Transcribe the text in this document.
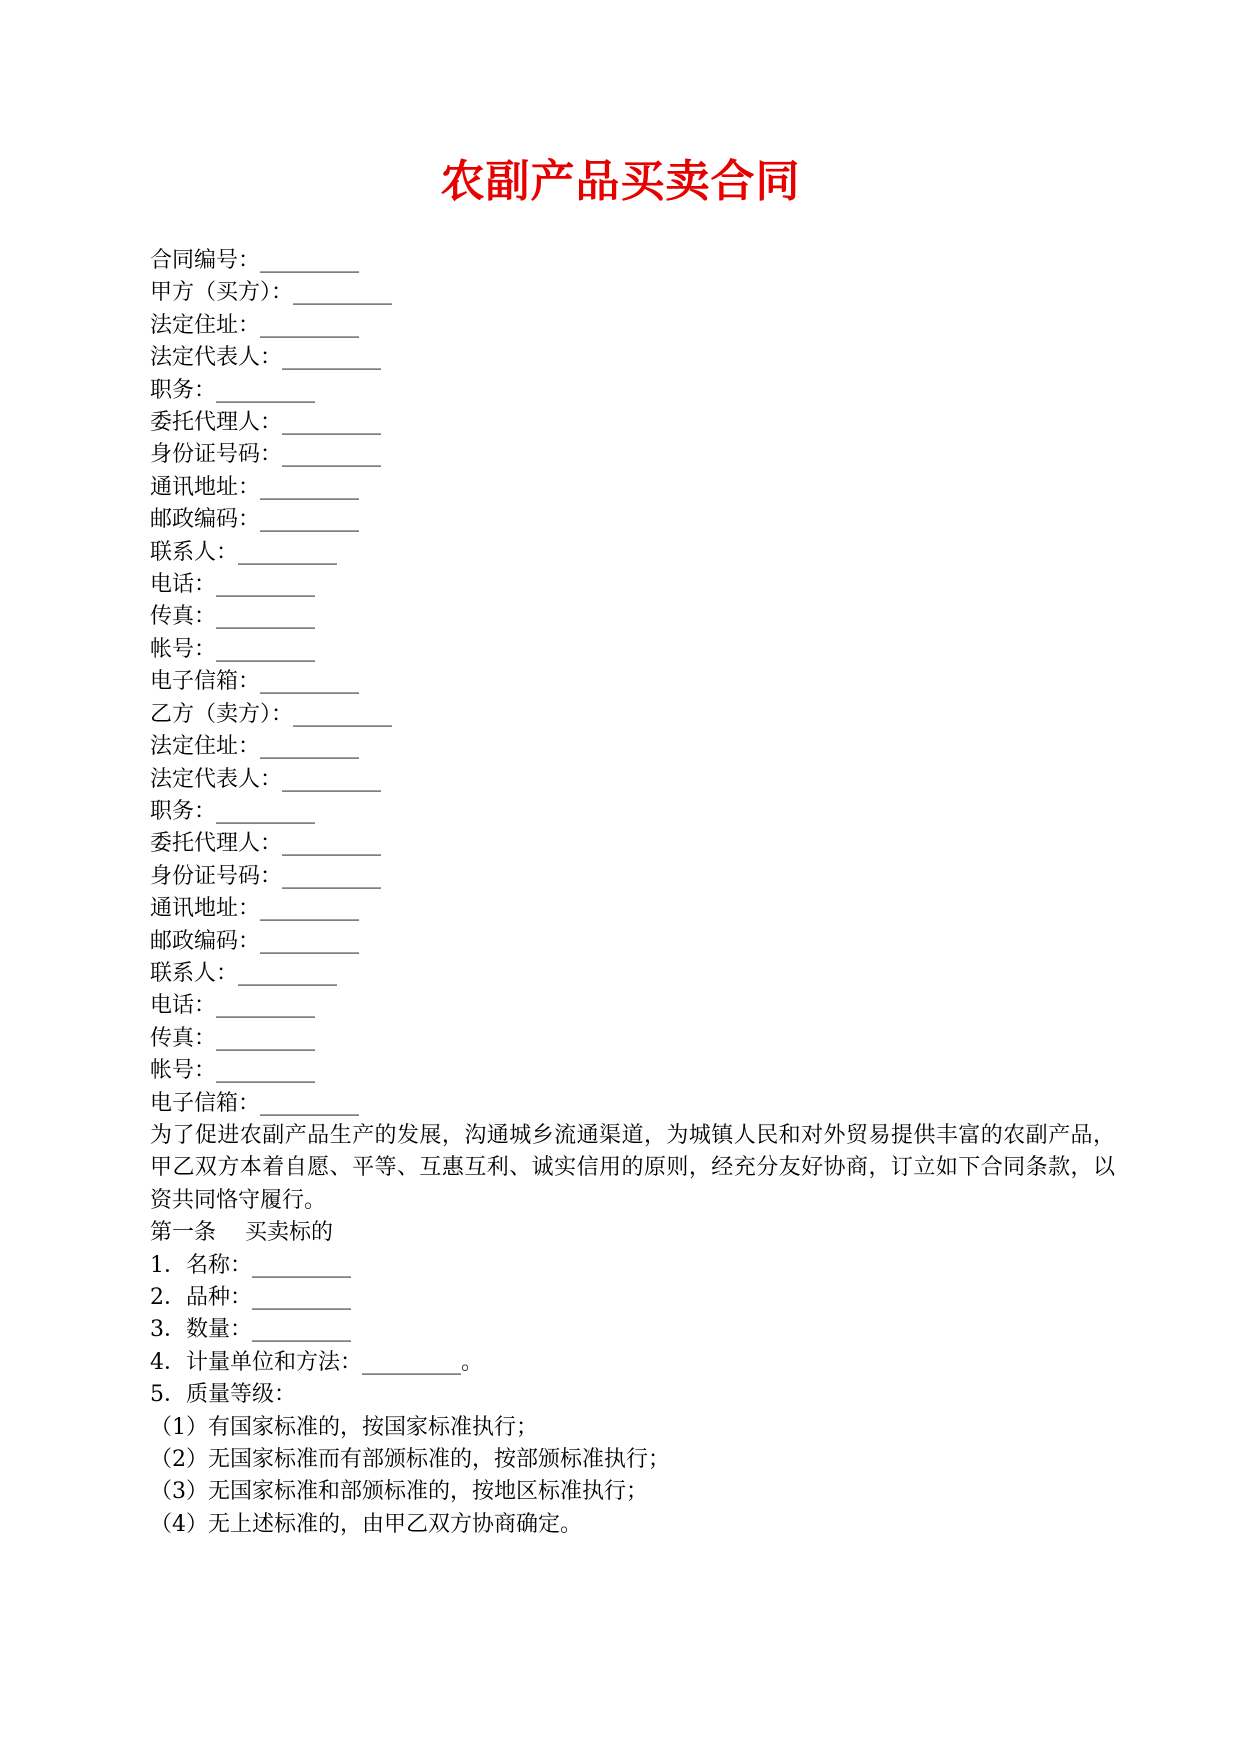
农副产品买卖合同
合同编号：_________
甲方（买方）：_________
法定住址：_________
法定代表人：_________
职务：_________
委托代理人：_________
身份证号码：_________
通讯地址：_________
邮政编码：_________
联系人：_________
电话：_________
传真：_________
帐号：_________
电子信箱：_________
乙方（卖方）：_________
法定住址：_________
法定代表人：_________
职务：_________
委托代理人：_________
身份证号码：_________
通讯地址：_________
邮政编码：_________
联系人：_________
电话：_________
传真：_________
帐号：_________
电子信箱：_________

为了促进农副产品生产的发展，沟通城乡流通渠道，为城镇人民和对外贸易提供丰富的农副产品，甲乙双方本着自愿、平等、互惠互利、诚实信用的原则，经充分友好协商，订立如下合同条款，以资共同恪守履行。

第一条　 买卖标的
1．名称：_________
2．品种：_________
3．数量：_________
4．计量单位和方法：_________。
5．质量等级：
（1）有国家标准的，按国家标准执行；
（2）无国家标准而有部颁标准的，按部颁标准执行；
（3）无国家标准和部颁标准的，按地区标准执行；
（4）无上述标准的，由甲乙双方协商确定。
